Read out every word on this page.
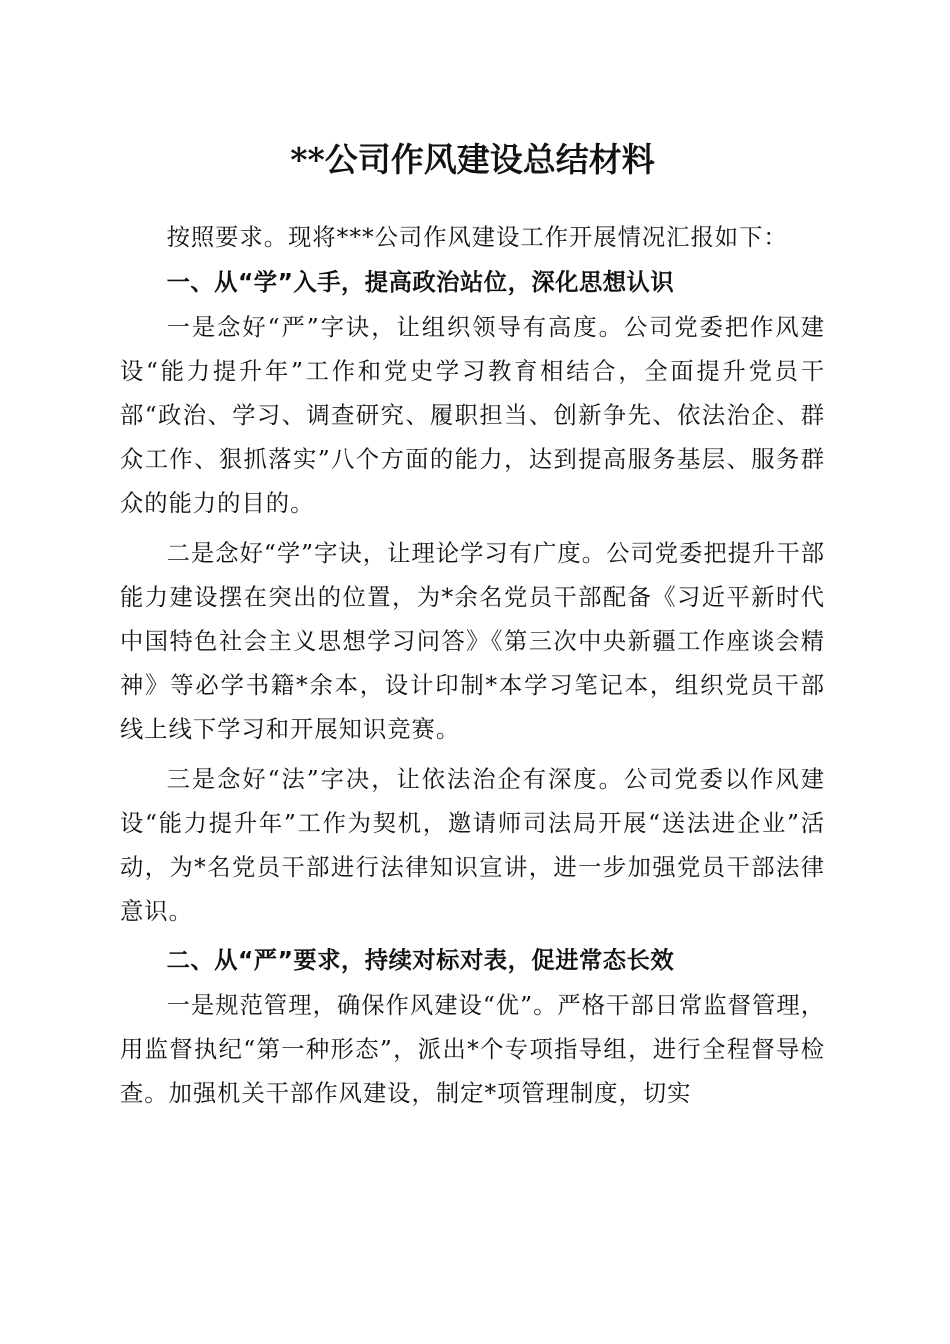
**公司作风建设总结材料

按照要求。现将***公司作风建设工作开展情况汇报如下：

一、从“学”入手，提高政治站位，深化思想认识

一是念好“严”字诀，让组织领导有高度。公司党委把作风建设“能力提升年”工作和党史学习教育相结合，全面提升党员干部“政治、学习、调查研究、履职担当、创新争先、依法治企、群众工作、狠抓落实”八个方面的能力，达到提高服务基层、服务群众的能力的目的。

二是念好“学”字诀，让理论学习有广度。公司党委把提升干部能力建设摆在突出的位置，为*余名党员干部配备《习近平新时代中国特色社会主义思想学习问答》《第三次中央新疆工作座谈会精神》等必学书籍*余本，设计印制*本学习笔记本，组织党员干部线上线下学习和开展知识竞赛。

三是念好“法”字决，让依法治企有深度。公司党委以作风建设“能力提升年”工作为契机，邀请师司法局开展“送法进企业”活动，为*名党员干部进行法律知识宣讲，进一步加强党员干部法律意识。

二、从“严”要求，持续对标对表，促进常态长效

一是规范管理，确保作风建设“优”。严格干部日常监督管理，用监督执纪“第一种形态”，派出*个专项指导组，进行全程督导检查。加强机关干部作风建设，制定*项管理制度，切实
